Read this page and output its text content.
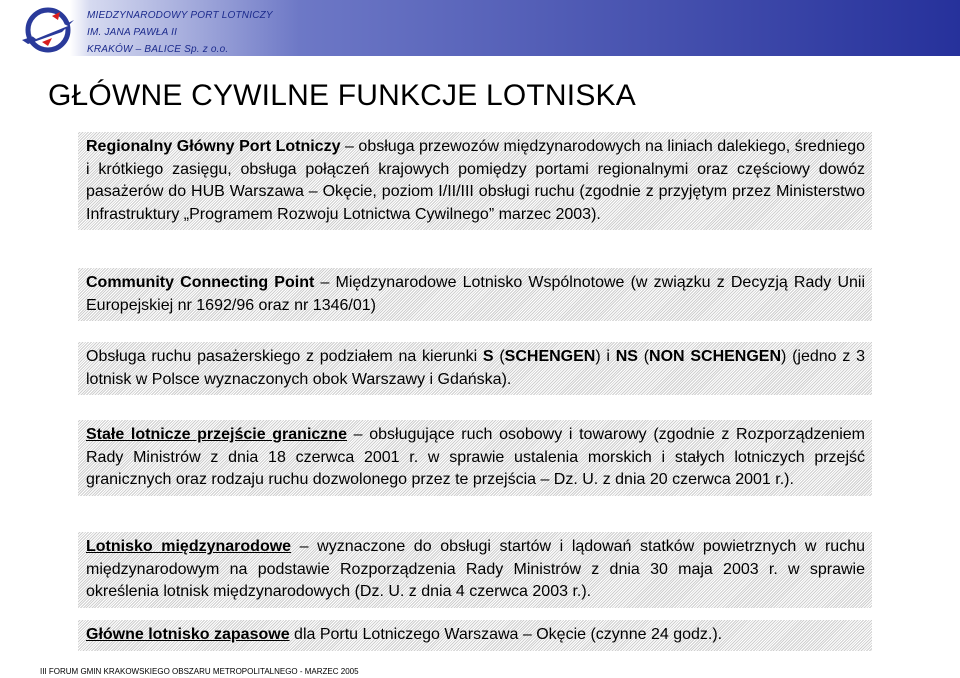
MIEDZYNARODOWY PORT LOTNICZY
IM. JANA PAWŁA II
KRAKÓW – BALICE Sp. z o.o.
GŁÓWNE CYWILNE FUNKCJE LOTNISKA
Regionalny Główny Port Lotniczy – obsługa przewozów międzynarodowych na liniach dalekiego, średniego i krótkiego zasięgu, obsługa połączeń krajowych pomiędzy portami regionalnymi oraz częściowy dowóz pasażerów do HUB Warszawa – Okęcie, poziom I/II/III obsługi ruchu (zgodnie z przyjętym przez Ministerstwo Infrastruktury „Programem Rozwoju Lotnictwa Cywilnego” marzec 2003).
Community Connecting Point – Międzynarodowe Lotnisko Wspólnotowe (w związku z Decyzją Rady Unii Europejskiej nr 1692/96 oraz nr 1346/01)
Obsługa ruchu pasażerskiego z podziałem na kierunki S (SCHENGEN) i NS (NON SCHENGEN) (jedno z 3 lotnisk w Polsce wyznaczonych obok Warszawy i Gdańska).
Stałe lotnicze przejście graniczne – obsługujące ruch osobowy i towarowy (zgodnie z Rozporządzeniem Rady Ministrów z dnia 18 czerwca 2001 r. w sprawie ustalenia morskich i stałych lotniczych przejść granicznych oraz rodzaju ruchu dozwolonego przez te przejścia – Dz. U. z dnia 20 czerwca 2001 r.).
Lotnisko międzynarodowe – wyznaczone do obsługi startów i lądowań statków powietrznych w ruchu międzynarodowym na podstawie Rozporządzenia Rady Ministrów z dnia 30 maja 2003 r. w sprawie określenia lotnisk międzynarodowych (Dz. U. z dnia 4 czerwca 2003 r.).
Główne lotnisko zapasowe dla Portu Lotniczego Warszawa – Okęcie (czynne 24 godz.).
III FORUM GMIN KRAKOWSKIEGO OBSZARU METROPOLITALNEGO - MARZEC 2005
